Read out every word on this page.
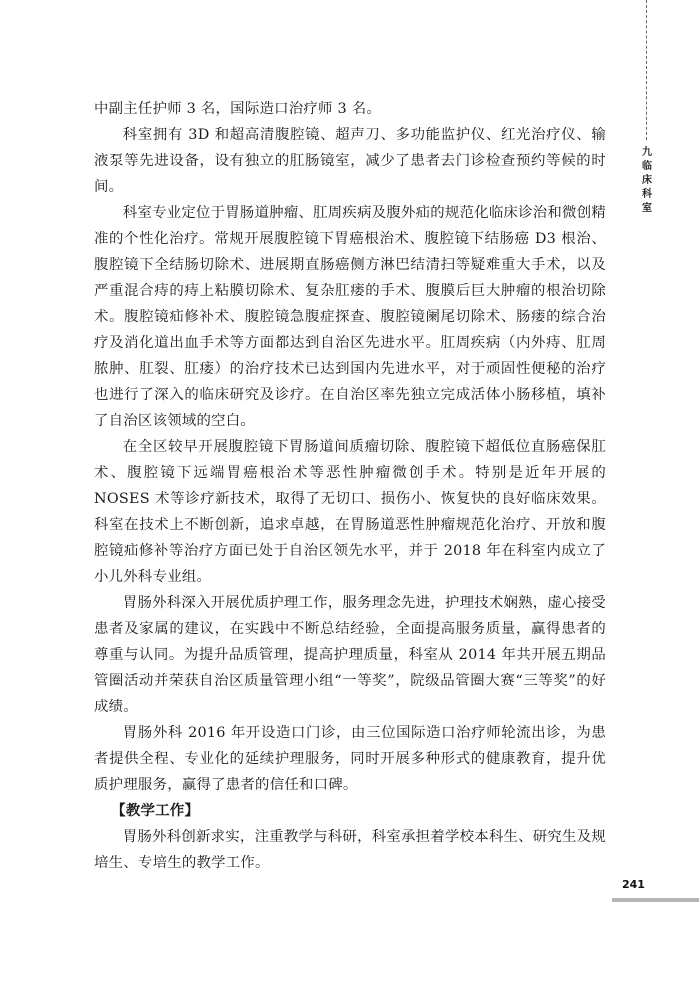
九临床科室

中副主任护师 3 名，国际造口治疗师 3 名。

科室拥有 3D 和超高清腹腔镜、超声刀、多功能监护仪、红光治疗仪、输液泵等先进设备，设有独立的肛肠镜室，减少了患者去门诊检查预约等候的时间。

科室专业定位于胃肠道肿瘤、肛周疾病及腹外疝的规范化临床诊治和微创精准的个性化治疗。常规开展腹腔镜下胃癌根治术、腹腔镜下结肠癌 D3 根治、腹腔镜下全结肠切除术、进展期直肠癌侧方淋巴结清扫等疑难重大手术，以及严重混合痔的痔上粘膜切除术、复杂肛瘘的手术、腹膜后巨大肿瘤的根治切除术。腹腔镜疝修补术、腹腔镜急腹症探查、腹腔镜阑尾切除术、肠瘘的综合治疗及消化道出血手术等方面都达到自治区先进水平。肛周疾病（内外痔、肛周脓肿、肛裂、肛瘘）的治疗技术已达到国内先进水平，对于顽固性便秘的治疗也进行了深入的临床研究及诊疗。在自治区率先独立完成活体小肠移植，填补了自治区该领域的空白。

在全区较早开展腹腔镜下胃肠道间质瘤切除、腹腔镜下超低位直肠癌保肛术、腹腔镜下远端胃癌根治术等恶性肿瘤微创手术。特别是近年开展的 NOSES 术等诊疗新技术，取得了无切口、损伤小、恢复快的良好临床效果。科室在技术上不断创新，追求卓越，在胃肠道恶性肿瘤规范化治疗、开放和腹腔镜疝修补等治疗方面已处于自治区领先水平，并于 2018 年在科室内成立了小儿外科专业组。

胃肠外科深入开展优质护理工作，服务理念先进，护理技术娴熟，虚心接受患者及家属的建议，在实践中不断总结经验，全面提高服务质量，赢得患者的尊重与认同。为提升品质管理，提高护理质量，科室从 2014 年共开展五期品管圈活动并荣获自治区质量管理小组“一等奖”，院级品管圈大赛“三等奖”的好成绩。

胃肠外科 2016 年开设造口门诊，由三位国际造口治疗师轮流出诊，为患者提供全程、专业化的延续护理服务，同时开展多种形式的健康教育，提升优质护理服务，赢得了患者的信任和口碑。

【教学工作】

胃肠外科创新求实，注重教学与科研，科室承担着学校本科生、研究生及规培生、专培生的教学工作。

241
